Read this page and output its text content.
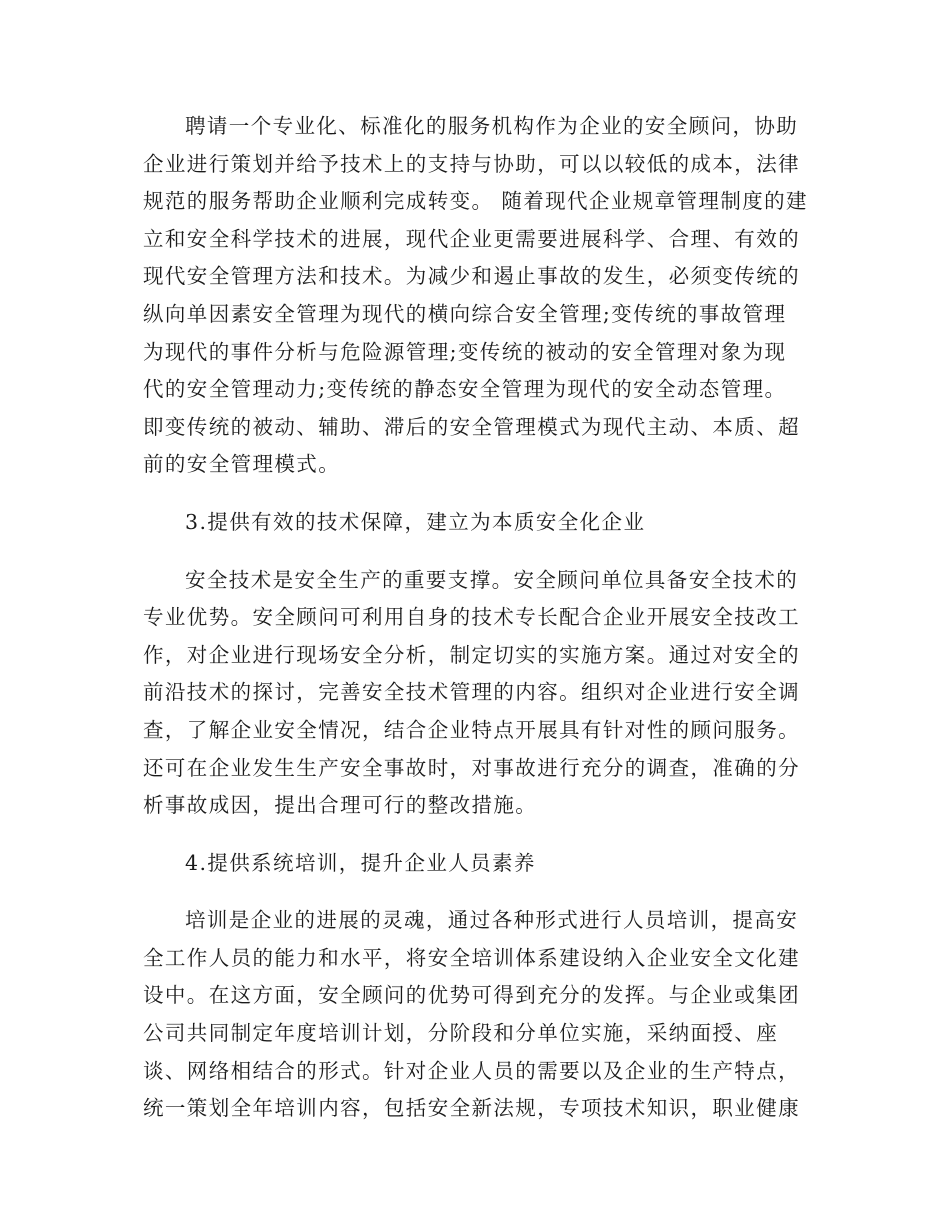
聘请一个专业化、标准化的服务机构作为企业的安全顾问，协助企业进行策划并给予技术上的支持与协助，可以以较低的成本，法律规范的服务帮助企业顺利完成转变。 随着现代企业规章管理制度的建立和安全科学技术的进展，现代企业更需要进展科学、合理、有效的现代安全管理方法和技术。为减少和遏止事故的发生，必须变传统的纵向单因素安全管理为现代的横向综合安全管理;变传统的事故管理为现代的事件分析与危险源管理;变传统的被动的安全管理对象为现代的安全管理动力;变传统的静态安全管理为现代的安全动态管理。即变传统的被动、辅助、滞后的安全管理模式为现代主动、本质、超前的安全管理模式。

3.提供有效的技术保障，建立为本质安全化企业

安全技术是安全生产的重要支撑。安全顾问单位具备安全技术的专业优势。安全顾问可利用自身的技术专长配合企业开展安全技改工作，对企业进行现场安全分析，制定切实的实施方案。通过对安全的前沿技术的探讨，完善安全技术管理的内容。组织对企业进行安全调查，了解企业安全情况，结合企业特点开展具有针对性的顾问服务。还可在企业发生生产安全事故时，对事故进行充分的调查，准确的分析事故成因，提出合理可行的整改措施。

4.提供系统培训，提升企业人员素养

培训是企业的进展的灵魂，通过各种形式进行人员培训，提高安全工作人员的能力和水平，将安全培训体系建设纳入企业安全文化建设中。在这方面，安全顾问的优势可得到充分的发挥。与企业或集团公司共同制定年度培训计划，分阶段和分单位实施，采纳面授、座谈、网络相结合的形式。针对企业人员的需要以及企业的生产特点，统一策划全年培训内容，包括安全新法规，专项技术知识，职业健康
